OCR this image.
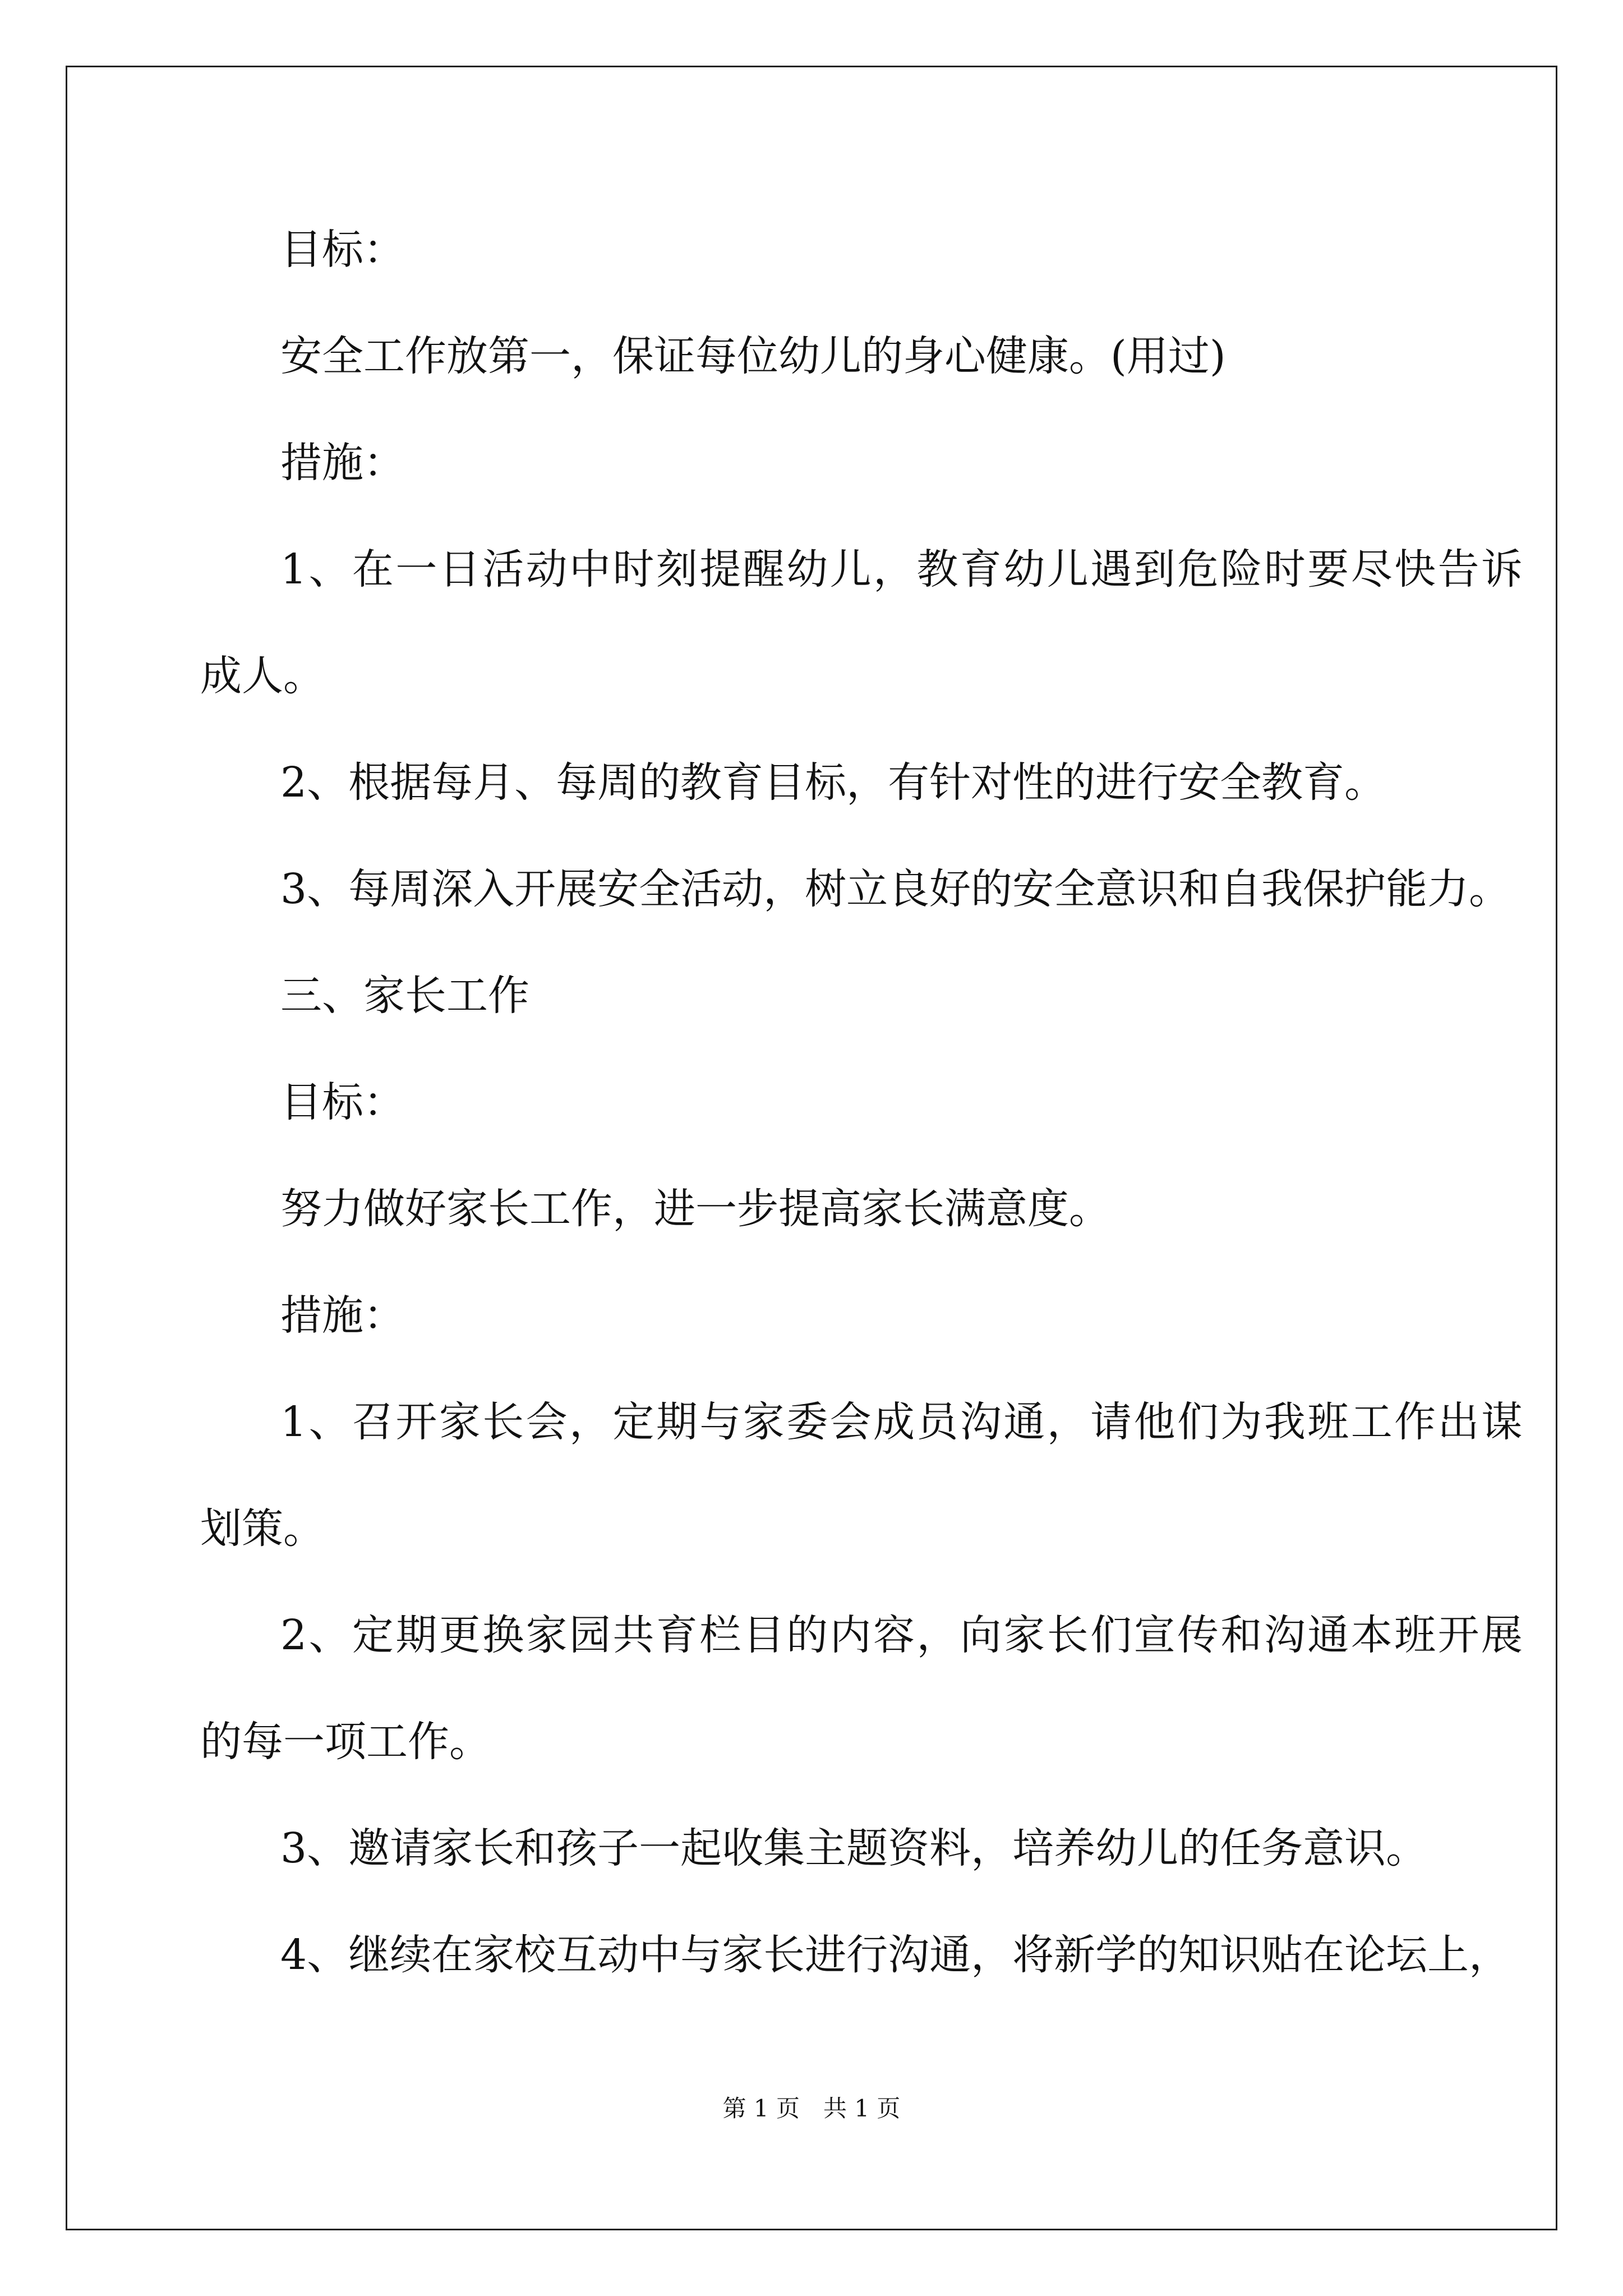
目标：
安全工作放第一，保证每位幼儿的身心健康。(用过)
措施：
1、在一日活动中时刻提醒幼儿，教育幼儿遇到危险时要尽快告诉
成人。
2、根据每月、每周的教育目标，有针对性的进行安全教育。
3、每周深入开展安全活动，树立良好的安全意识和自我保护能力。
三、家长工作
目标：
努力做好家长工作，进一步提高家长满意度。
措施：
1、召开家长会，定期与家委会成员沟通，请他们为我班工作出谋
划策。
2、定期更换家园共育栏目的内容，向家长们宣传和沟通本班开展
的每一项工作。
3、邀请家长和孩子一起收集主题资料，培养幼儿的任务意识。
4、继续在家校互动中与家长进行沟通，将新学的知识贴在论坛上，
第 1 页　共 1 页
